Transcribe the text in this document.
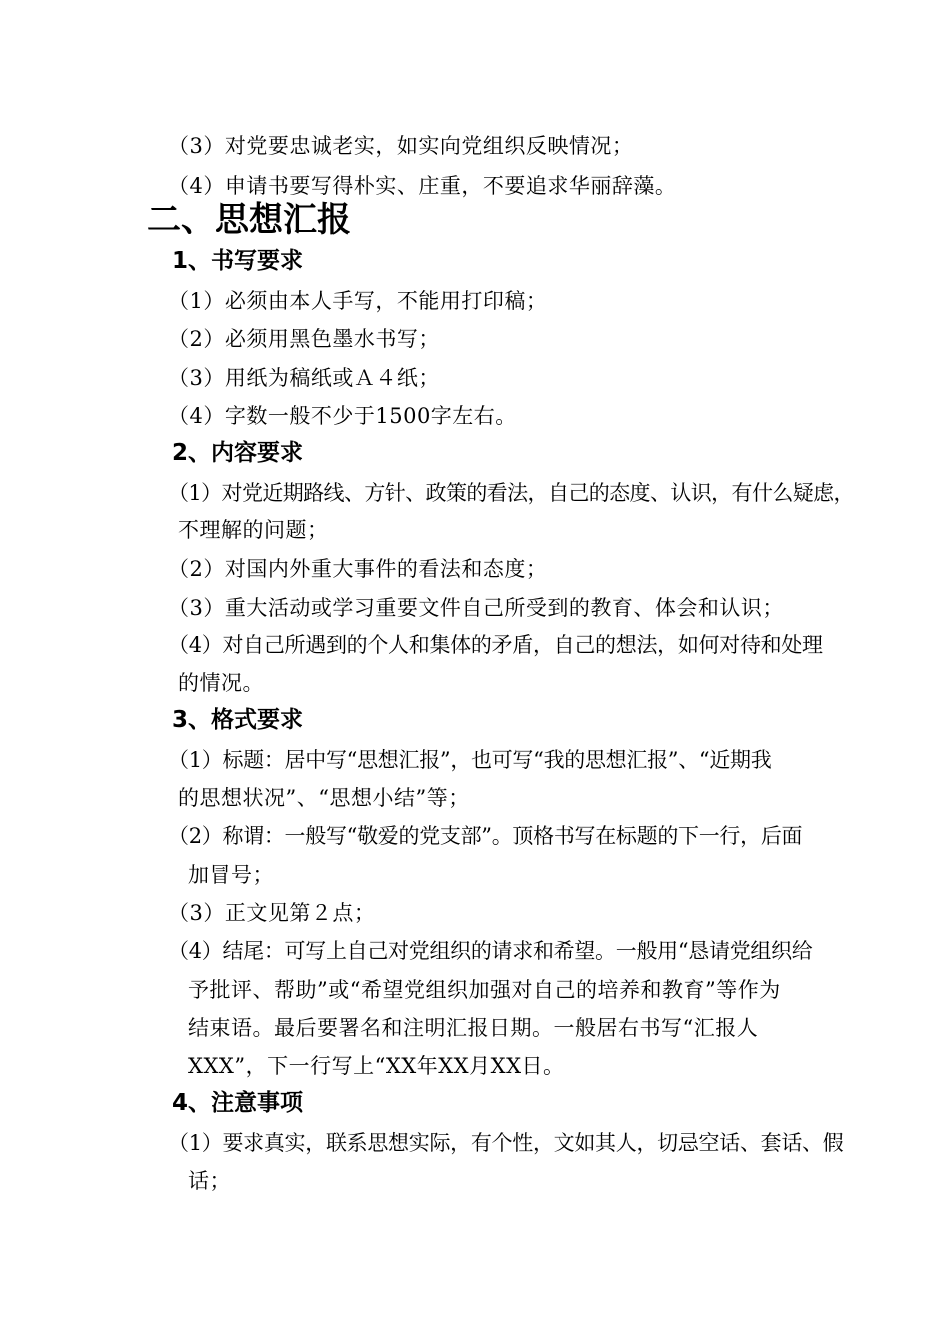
（3）对党要忠诚老实，如实向党组织反映情况；
（4）申请书要写得朴实、庄重，不要追求华丽辞藻。
二、思想汇报
1、书写要求
（1）必须由本人手写，不能用打印稿；
（2）必须用黑色墨水书写；
（3）用纸为稿纸或Ａ４纸；
（4）字数一般不少于1500字左右。
2、内容要求
（1）对党近期路线、方针、政策的看法，自己的态度、认识，有什么疑虑，
不理解的问题；
（2）对国内外重大事件的看法和态度；
（3）重大活动或学习重要文件自己所受到的教育、体会和认识；
（4）对自己所遇到的个人和集体的矛盾，自己的想法，如何对待和处理
的情况。
3、格式要求
（1）标题：居中写“思想汇报”，也可写“我的思想汇报”、“近期我
的思想状况”、“思想小结”等；
（2）称谓：一般写“敬爱的党支部”。顶格书写在标题的下一行，后面
加冒号；
（3）正文见第２点；
（4）结尾：可写上自己对党组织的请求和希望。一般用“恳请党组织给
予批评、帮助”或“希望党组织加强对自己的培养和教育”等作为
结束语。最后要署名和注明汇报日期。一般居右书写“汇报人
XXX”，下一行写上“XX年XX月XX日。
4、注意事项
（1）要求真实，联系思想实际，有个性，文如其人，切忌空话、套话、假
话；
